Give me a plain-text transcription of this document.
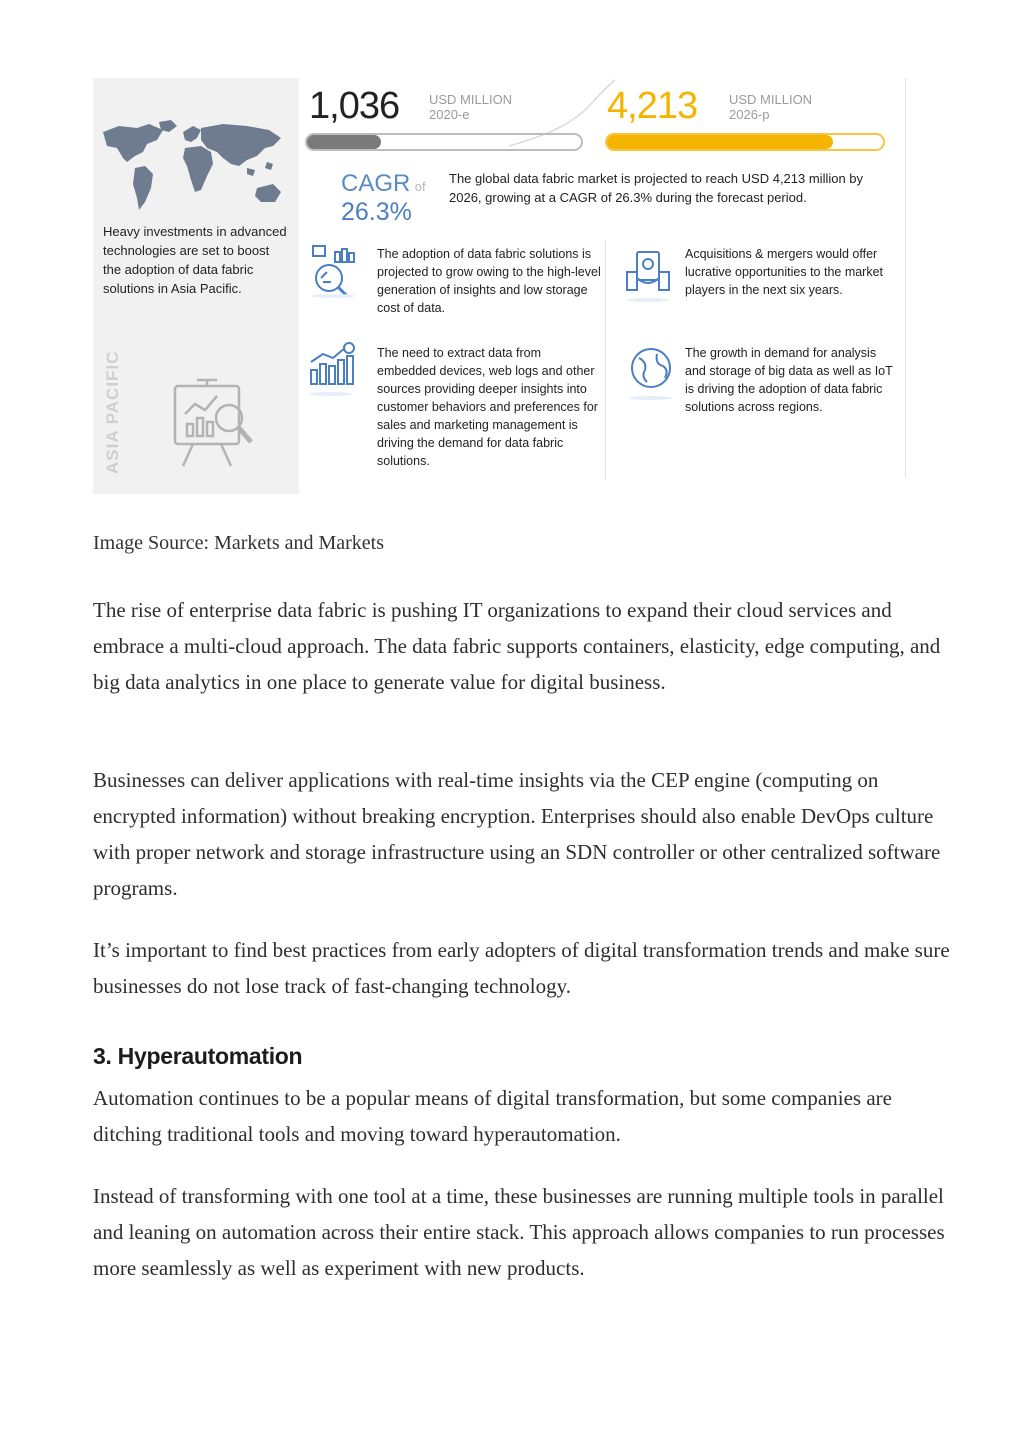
Heavy investments in advanced technologies are set to boost the adoption of data fabric solutions in Asia Pacific.
ASIA PACIFIC
1,036 USD MILLION
2020-e	4,213 USD MILLION
2026-p
CAGR of
26.3%
The global data fabric market is projected to reach USD 4,213 million by 2026, growing at a CAGR of 26.3% during the forecast period.
The adoption of data fabric solutions is projected to grow owing to the high-level generation of insights and low storage cost of data.
Acquisitions & mergers would offer lucrative opportunities to the market players in the next six years.
The need to extract data from embedded devices, web logs and other sources providing deeper insights into customer behaviors and preferences for sales and marketing management is driving the demand for data fabric solutions.
The growth in demand for analysis and storage of big data as well as IoT is driving the adoption of data fabric solutions across regions.
Image Source: Markets and Markets

The rise of enterprise data fabric is pushing IT organizations to expand their cloud services and embrace a multi-cloud approach. The data fabric supports containers, elasticity, edge computing, and big data analytics in one place to generate value for digital business.

Businesses can deliver applications with real-time insights via the CEP engine (computing on encrypted information) without breaking encryption. Enterprises should also enable DevOps culture with proper network and storage infrastructure using an SDN controller or other centralized software programs.

It’s important to find best practices from early adopters of digital transformation trends and make sure businesses do not lose track of fast-changing technology.

3. Hyperautomation

Automation continues to be a popular means of digital transformation, but some companies are ditching traditional tools and moving toward hyperautomation.

Instead of transforming with one tool at a time, these businesses are running multiple tools in parallel and leaning on automation across their entire stack. This approach allows companies to run processes more seamlessly as well as experiment with new products.
